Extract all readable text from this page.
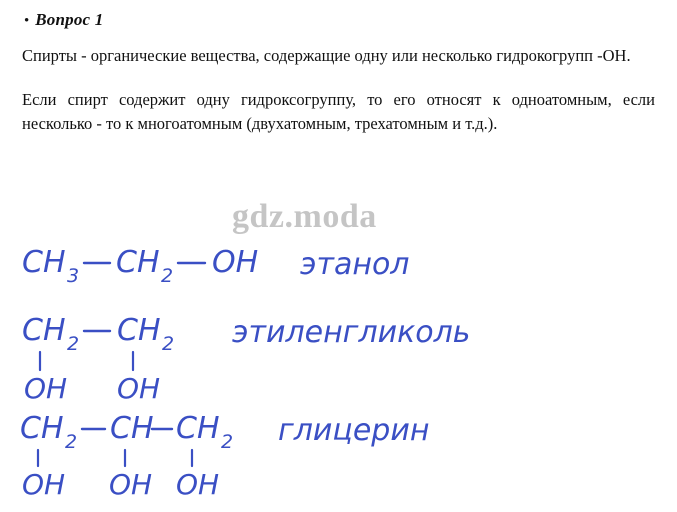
• Вопрос 1
Спирты - органические вещества, содержащие одну или несколько гидрокогрупп -ОН.
Если спирт содержит одну гидроксогруппу, то его относят к одноатомным, если несколько - то к многоатомным (двухатомным, трехатомным и т.д.).
gdz.moda
CH 3 CH 2 OH этанол
CH 2 CH 2 этиленгликоль
OH OH
CH 2 CH CH 2 глицерин
OH OH OH
